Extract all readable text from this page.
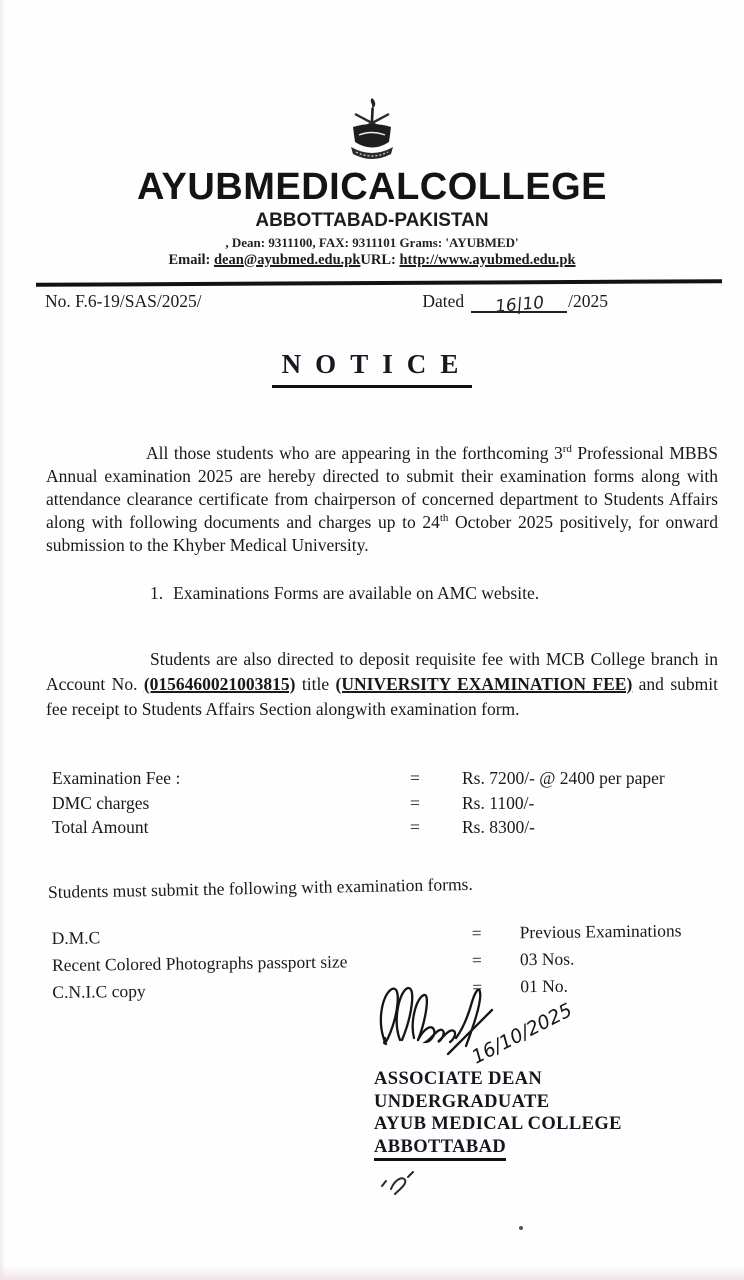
AYUBMEDICALCOLLEGE
ABBOTTABAD-PAKISTAN
, Dean: 9311100, FAX: 9311101 Grams: 'AYUBMED'
Email: dean@ayubmed.edu.pkURL: http://www.ayubmed.edu.pk
No. F.6-19/SAS/2025/	Dated 16|10 /2025
NOTICE

All those students who are appearing in the forthcoming 3rd Professional MBBS Annual examination 2025 are hereby directed to submit their examination forms along with attendance clearance certificate from chairperson of concerned department to Students Affairs along with following documents and charges up to 24th October 2025 positively, for onward submission to the Khyber Medical University.

1. Examinations Forms are available on AMC website.

Students are also directed to deposit requisite fee with MCB College branch in Account No. (0156460021003815) title (UNIVERSITY EXAMINATION FEE) and submit fee receipt to Students Affairs Section alongwith examination form.

Examination Fee :	=	Rs. 7200/- @ 2400 per paper
DMC charges	=	Rs. 1100/-
Total Amount	=	Rs. 8300/-
Students must submit the following with examination forms.
D.M.C	=	Previous Examinations
Recent Colored Photographs passport size	=	03 Nos.
C.N.I.C copy	=	01 No.
16/10/2025
ASSOCIATE DEAN
UNDERGRADUATE
AYUB MEDICAL COLLEGE
ABBOTTABAD
